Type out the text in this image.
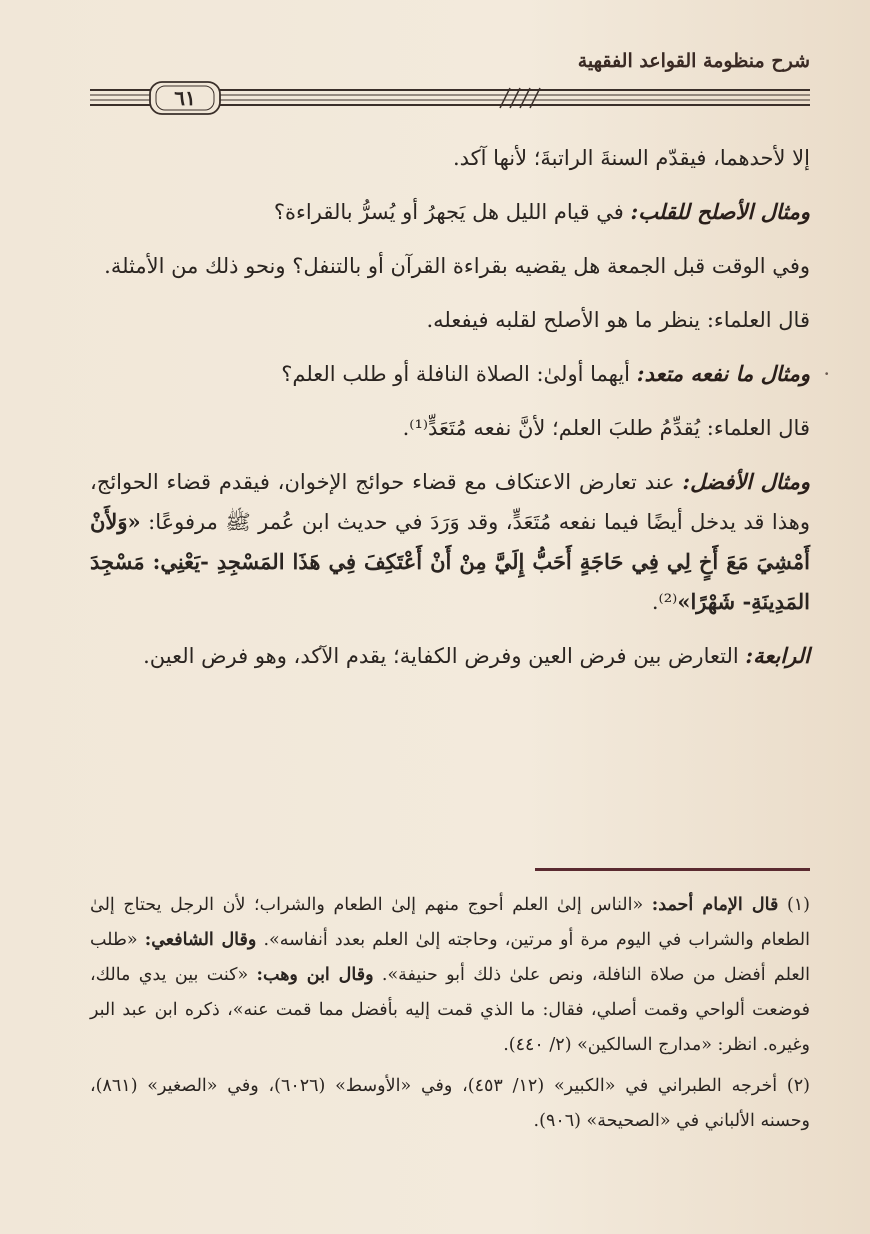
شرح منظومة القواعد الفقهية
٦١

إلا لأحدهما، فيقدّم السنةَ الراتبةَ؛ لأنها آكد.

ومثال الأصلح للقلب: في قيام الليل هل يَجهرُ أو يُسرُّ بالقراءة؟

وفي الوقت قبل الجمعة هل يقضيه بقراءة القرآن أو بالتنفل؟ ونحو ذلك من الأمثلة.

قال العلماء: ينظر ما هو الأصلح لقلبه فيفعله.

· ومثال ما نفعه متعد: أيهما أولىٰ: الصلاة النافلة أو طلب العلم؟

قال العلماء: يُقدِّمُ طلبَ العلم؛ لأنَّ نفعه مُتَعَدٍّ⁽¹⁾.

ومثال الأفضل: عند تعارض الاعتكاف مع قضاء حوائج الإخوان، فيقدم قضاء الحوائج، وهذا قد يدخل أيضًا فيما نفعه مُتَعَدٍّ، وقد وَرَدَ في حديث ابن عُمر ﷺ مرفوعًا: «وَلأَنْ أَمْشِيَ مَعَ أَخٍ لِي فِي حَاجَةٍ أَحَبُّ إِلَيَّ مِنْ أَنْ أَعْتَكِفَ فِي هَذَا المَسْجِدِ -يَعْنِي: مَسْجِدَ المَدِينَةِ- شَهْرًا»⁽²⁾.

الرابعة: التعارض بين فرض العين وفرض الكفاية؛ يقدم الآكد، وهو فرض العين.

(١) قال الإمام أحمد: «الناس إلىٰ العلم أحوج منهم إلىٰ الطعام والشراب؛ لأن الرجل يحتاج إلىٰ الطعام والشراب في اليوم مرة أو مرتين، وحاجته إلىٰ العلم بعدد أنفاسه». وقال الشافعي: «طلب العلم أفضل من صلاة النافلة، ونص علىٰ ذلك أبو حنيفة». وقال ابن وهب: «كنت بين يدي مالك، فوضعت ألواحي وقمت أصلي، فقال: ما الذي قمت إليه بأفضل مما قمت عنه»، ذكره ابن عبد البر وغيره. انظر: «مدارج السالكين» (٢/ ٤٤٠).

(٢) أخرجه الطبراني في «الكبير» (١٢/ ٤٥٣)، وفي «الأوسط» (٦٠٢٦)، وفي «الصغير» (٨٦١)، وحسنه الألباني في «الصحيحة» (٩٠٦).
